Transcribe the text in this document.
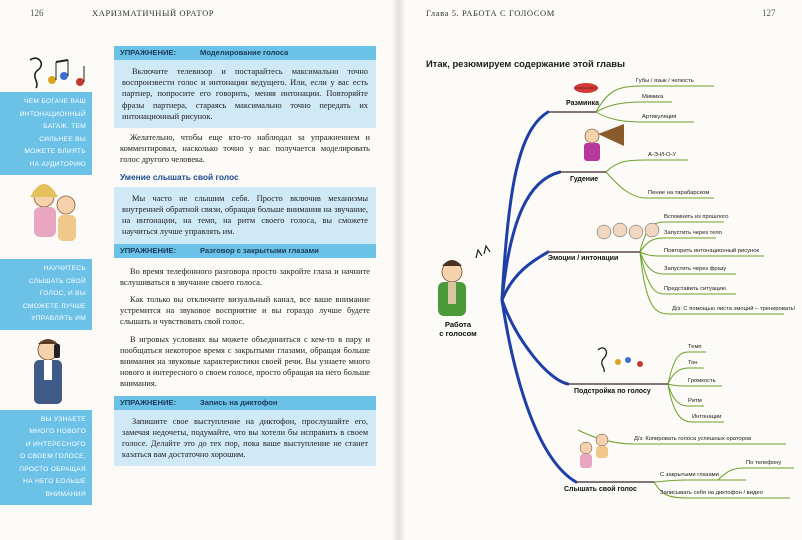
126	ХАРИЗМАТИЧНЫЙ ОРАТОР
ЧЕМ БОГАЧЕ ВАШ
ИНТОНАЦИОННЫЙ
БАГАЖ, ТЕМ
СИЛЬНЕЕ ВЫ
МОЖЕТЕ ВЛИЯТЬ
НА АУДИТОРИЮ
НАУЧИТЕСЬ
СЛЫШАТЬ СВОЙ
ГОЛОС, И ВЫ
СМОЖЕТЕ ЛУЧШЕ
УПРАВЛЯТЬ ИМ
ВЫ УЗНАЕТЕ
МНОГО НОВОГО
И ИНТЕРЕСНОГО
О СВОЕМ ГОЛОСЕ,
ПРОСТО ОБРАЩАЯ
НА НЕГО БОЛЬШЕ
ВНИМАНИЯ
УПРАЖНЕНИЕ:	Моделирование голоса

Включите телевизор и постарайтесь максимально точно воспроизвести голос и интонации ведущего. Или, если у вас есть партнер, попросите его говорить, меняя интонации. Повторяйте фразы партнера, стараясь максимально точно передать их интонационный рисунок.

Желательно, чтобы еще кто-то наблюдал за упражнением и комментировал, насколько точно у вас получается моделировать голос другого человека.

Умение слышать свой голос

Мы часто не слышим себя. Просто включив механизмы внутренней обратной связи, обращая больше внимания на звучание, на интонации, на темп, на ритм своего голоса, вы сможете научиться лучше управлять им.

УПРАЖНЕНИЕ:	Разговор с закрытыми глазами

Во время телефонного разговора просто закройте глаза и начните вслушиваться в звучание своего голоса.

Как только вы отключите визуальный канал, все ваше внимание устремится на звуковое восприятие и вы гораздо лучше будете слышать и чувствовать свой голос.

В игровых условиях вы можете объединиться с кем-то в пару и пообщаться некоторое время с закрытыми глазами, обращая больше внимания на звуковые характеристики своей речи. Вы узнаете много нового и интересного о своем голосе, просто обращая на него больше внимания.

УПРАЖНЕНИЕ:	Запись на диктофон

Запишите свое выступление на диктофон, прослушайте его, замечая недочеты, подумайте, что вы хотели бы исправить в своем голосе. Делайте это до тех пор, пока ваше выступление не станет казаться вам достаточно хорошим.

Глава 5. РАБОТА С ГОЛОСОМ	127
Итак, резюмируем содержание этой главы
Работа
с голосом
Разминка
Губы / язык / челюсть
Мимика
Артикуляция
Гудение
А-Э-И-О-У
Пение на тарабарском
Эмоции / интонации
Вспомнить из прошлого
Запустить через тело
Повторить интонационный рисунок
Запустить через фразу
Представить ситуацию
Д/з: С помощью листа эмоций – тренировать!
Подстройка по голосу
Темп
Тон
Громкость
Ритм
Интонации
Д/з: Копировать голоса успешных ораторов
Слышать свой голос
С закрытыми глазами
По телефону
Записывать себя на диктофон / видео
